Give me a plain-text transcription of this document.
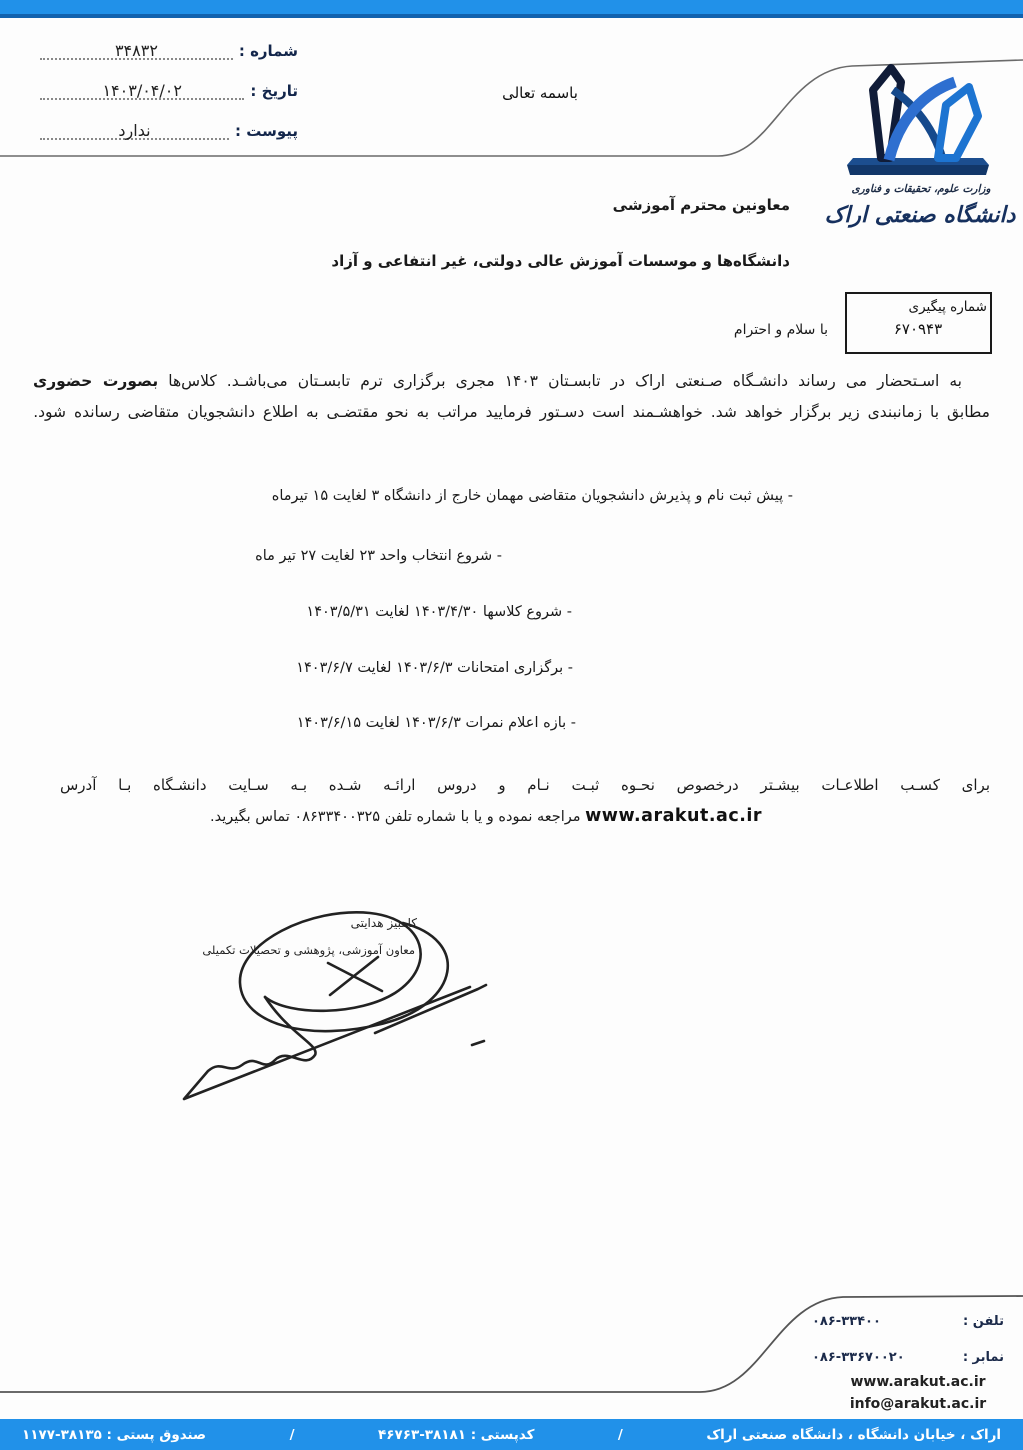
شماره :
۳۴۸۳۲
تاریخ :
۱۴۰۳/۰۴/۰۲
پیوست :
ندارد
باسمه تعالی
وزارت علوم، تحقیقات و فناوری
دانشگاه صنعتی اراک
معاونین محترم آموزشی
دانشگاه‌ها و موسسات آموزش عالی دولتی، غیر انتفاعی و آزاد
شماره پیگیری
۶۷۰۹۴۳
با سلام و احترام
به اسـتحضار می رساند دانشـگاه صـنعتی اراک در تابسـتان ۱۴۰۳ مجری برگزاری ترم تابسـتان می‌باشـد. کلاس‌ها بصورت حضوری مطابق با زمانبندی زیر برگزار خواهد شد. خواهشـمند است دسـتور فرمایید مراتب به نحو مقتضـی به اطلاع دانشجویان متقاضی رسانده شود.
- پیش ثبت نام و پذیرش دانشجویان متقاضی مهمان خارج از دانشگاه ۳ لغایت ۱۵ تیرماه
- شروع انتخاب واحد ۲۳ لغایت ۲۷ تیر ماه
- شروع کلاسها ۱۴۰۳/۴/۳۰ لغایت ۱۴۰۳/۵/۳۱
- برگزاری امتحانات ۱۴۰۳/۶/۳ لغایت ۱۴۰۳/۶/۷
- بازه اعلام نمرات ۱۴۰۳/۶/۳ لغایت ۱۴۰۳/۶/۱۵
برای کسـب اطلاعـات بیشـتر درخصوص نحـوه ثبـت نـام و دروس ارائـه شـده بـه سـایت دانشـگاه بـا آدرس
www.arakut.ac.ir مراجعه نموده و یا با شماره تلفن ۰۸۶۳۳۴۰۰۳۲۵ تماس بگیرید.
کامبیز هدایتی
معاون آموزشی، پژوهشی و تحصیلات تکمیلی
تلفن :
۰۸۶-۳۳۴۰۰
نمابر :
۰۸۶-۳۳۶۷۰۰۲۰
www.arakut.ac.ir
info@arakut.ac.ir
اراک ، خیابان دانشگاه ، دانشگاه صنعتی اراک
/
کدپستی : ۳۸۱۸۱-۴۶۷۶۳
/
صندوق پستی : ۳۸۱۳۵-۱۱۷۷
